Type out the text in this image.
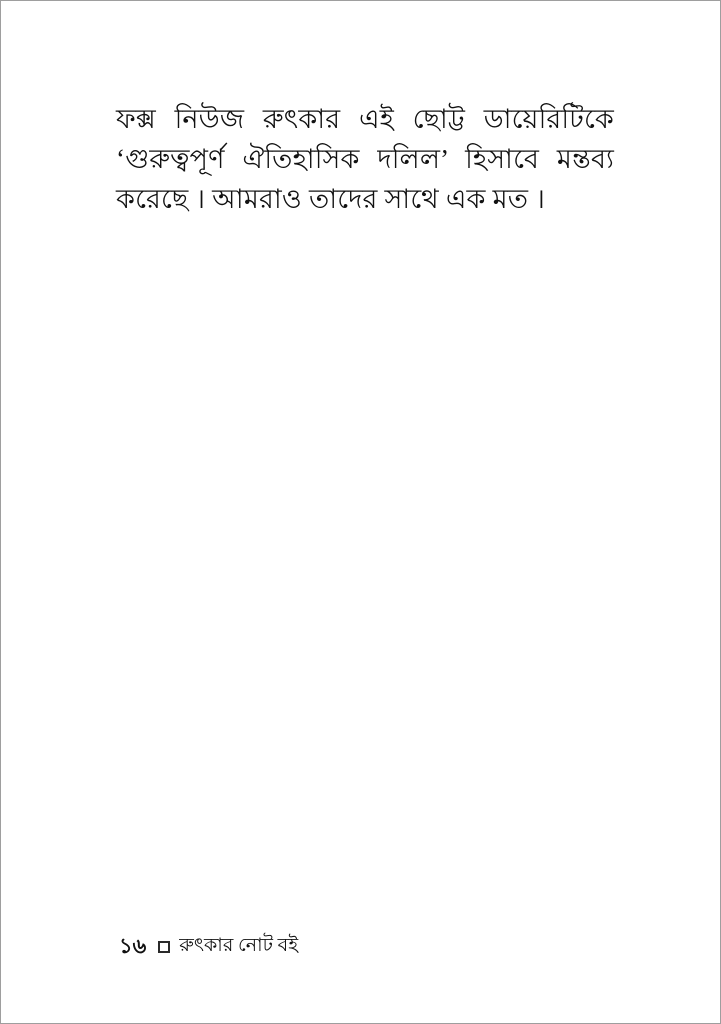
ফক্স নিউজ রুৎকার এই ছোট্ট ডায়েরিটিকে ‘গুরুত্বপূর্ণ ঐতিহাসিক দলিল’ হিসাবে মন্তব্য করেছে । আমরাও তাদের সাথে এক মত ।

১৬ রুৎকার নোট বই
